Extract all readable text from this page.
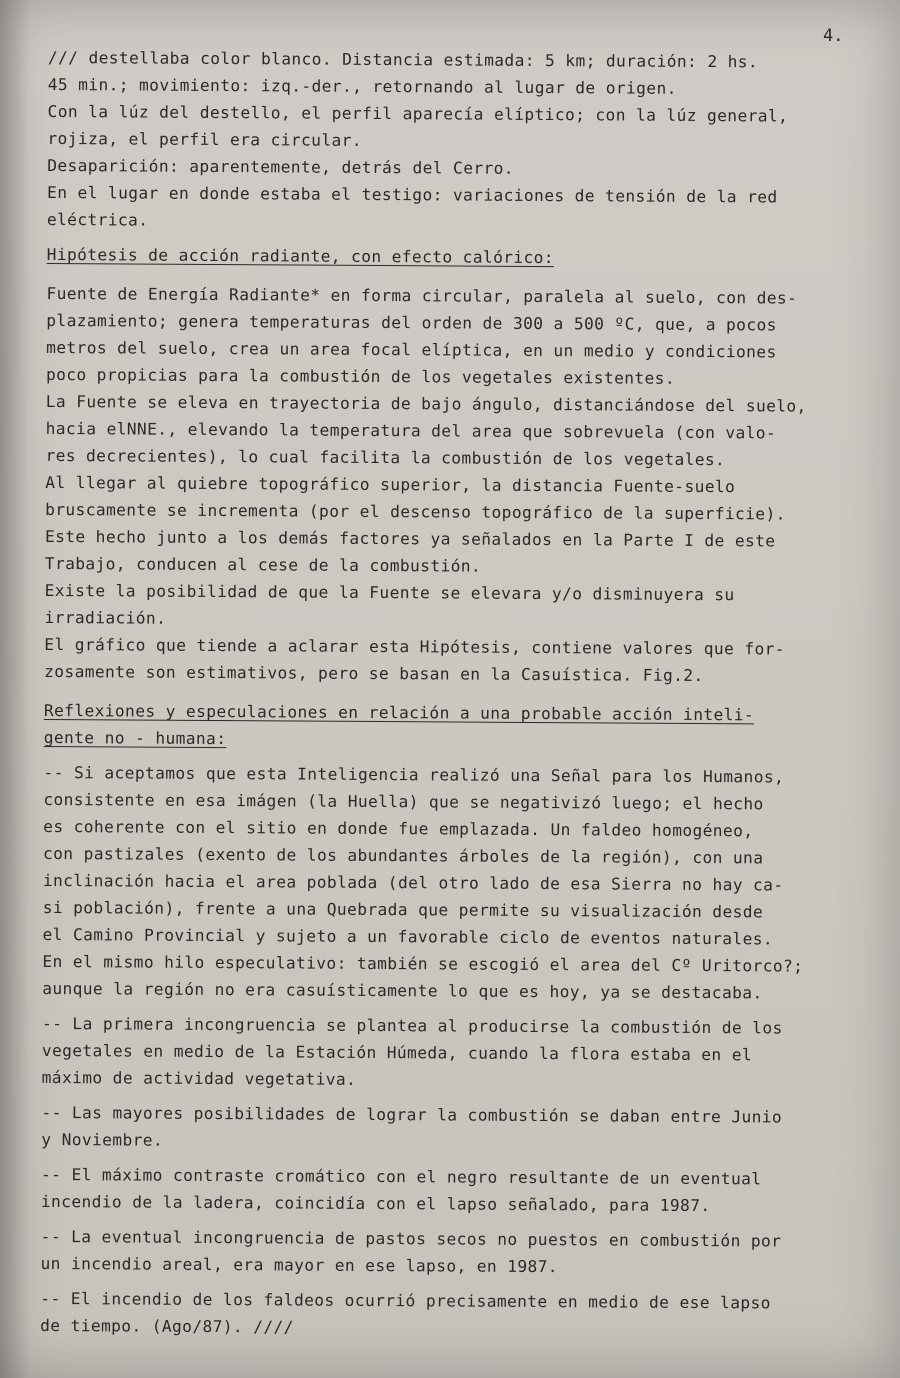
4.
/// destellaba color blanco. Distancia estimada: 5 km; duración: 2 hs.
45 min.; movimiento: izq.-der., retornando al lugar de origen.
Con la lúz del destello, el perfil aparecía elíptico; con la lúz general,
rojiza, el perfil era circular.
Desaparición: aparentemente, detrás del Cerro.
En el lugar en donde estaba el testigo: variaciones de tensión de la red
eléctrica.
Hipótesis de acción radiante, con efecto calórico:
Fuente de Energía Radiante* en forma circular, paralela al suelo, con des-
plazamiento; genera temperaturas del orden de 300 a 500 ºC, que, a pocos
metros del suelo, crea un area focal elíptica, en un medio y condiciones
poco propicias para la combustión de los vegetales existentes.
La Fuente se eleva en trayectoria de bajo ángulo, distanciándose del suelo,
hacia elNNE., elevando la temperatura del area que sobrevuela (con valo-
res decrecientes), lo cual facilita la combustión de los vegetales.
Al llegar al quiebre topográfico superior, la distancia Fuente-suelo
bruscamente se incrementa (por el descenso topográfico de la superficie).
Este hecho junto a los demás factores ya señalados en la Parte I de este
Trabajo, conducen al cese de la combustión.
Existe la posibilidad de que la Fuente se elevara y/o disminuyera su
irradiación.
El gráfico que tiende a aclarar esta Hipótesis, contiene valores que for-
zosamente son estimativos, pero se basan en la Casuística. Fig.2.
Reflexiones y especulaciones en relación a una probable acción inteli-
gente no - humana:
-- Si aceptamos que esta Inteligencia realizó una Señal para los Humanos,
consistente en esa imágen (la Huella) que se negativizó luego; el hecho
es coherente con el sitio en donde fue emplazada. Un faldeo homogéneo,
con pastizales (exento de los abundantes árboles de la región), con una
inclinación hacia el area poblada (del otro lado de esa Sierra no hay ca-
si población), frente a una Quebrada que permite su visualización desde
el Camino Provincial y sujeto a un favorable ciclo de eventos naturales.
En el mismo hilo especulativo: también se escogió el area del Cº Uritorco?;
aunque la región no era casuísticamente lo que es hoy, ya se destacaba.
-- La primera incongruencia se plantea al producirse la combustión de los
vegetales en medio de la Estación Húmeda, cuando la flora estaba en el
máximo de actividad vegetativa.
-- Las mayores posibilidades de lograr la combustión se daban entre Junio
y Noviembre.
-- El máximo contraste cromático con el negro resultante de un eventual
incendio de la ladera, coincidía con el lapso señalado, para 1987.
-- La eventual incongruencia de pastos secos no puestos en combustión por
un incendio areal, era mayor en ese lapso, en 1987.
-- El incendio de los faldeos ocurrió precisamente en medio de ese lapso
de tiempo. (Ago/87). ////
